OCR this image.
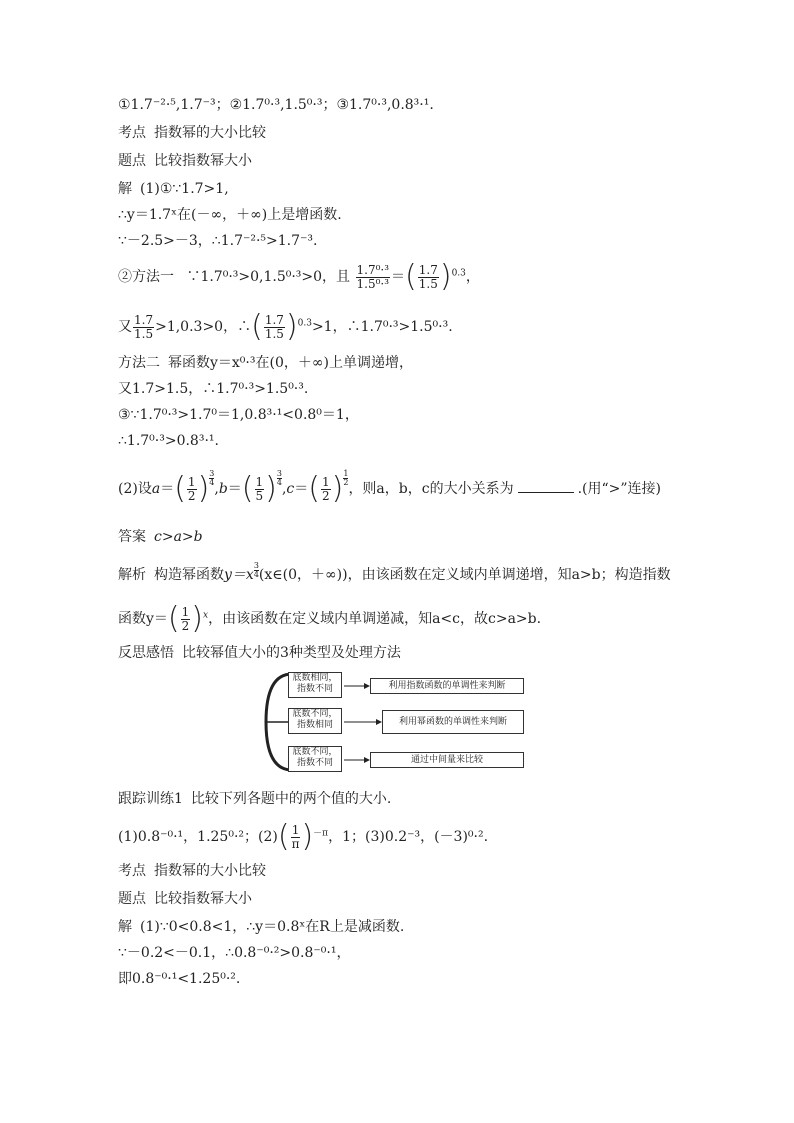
①1.7⁻²·⁵,1.7⁻³；②1.7⁰·³,1.5⁰·³；③1.7⁰·³,0.8³·¹.
考点 指数幂的大小比较
题点 比较指数幂大小
解 (1)①∵1.7>1,
∴y＝1.7ˣ在(－∞，＋∞)上是增函数.
∵－2.5>－3，∴1.7⁻²·⁵>1.7⁻³.
②方法一 ∵1.7⁰·³>0,1.5⁰·³>0，且 $\frac{\text{1.7⁰·³}}{\text{1.5⁰·³}}$ ＝( $\frac{1.7}{1.5} )^{0.3}$，
又 $\frac{1.7}{1.5} >1,0.3>0$，∴( $\frac{1.7}{1.5} )^{0.3}>1$，∴1.7⁰·³>1.5⁰·³.
方法二 幂函数y＝x⁰·³在(0，＋∞)上单调递增，
又1.7>1.5，∴1.7⁰·³>1.5⁰·³.
③∵1.7⁰·³>1.7⁰＝1,0.8³·¹<0.8⁰＝1，
∴1.7⁰·³>0.8³·¹.
(2)设$a=( \frac{1}{2}$ ) $\frac{3}{4},b=( \frac{1}{5}$ ) $\frac{3}{4},c=( \frac{1}{2}$ ) $\frac{1}{2}$，则a，b，c的大小关系为	.(用“>”连接)
答案 c>a>b
解析 构造幂函数$y=x \frac{3}{4}(x\in(0$，＋∞))，由该函数在定义域内单调递增，知a>b；构造指数
函数$y=( \frac{1}{2} )^x$，由该函数在定义域内单调递减，知a<c，故c>a>b.
反思感悟 比较幂值大小的3种类型及处理方法
底数相同，
指数不同	利用指数函数的单调性来判断
底数不同，
指数相同	利用幂函数的单调性来判断
底数不同，
指数不同	通过中间量来比较
跟踪训练1 比较下列各题中的两个值的大小.
(1)0.8⁻⁰·¹，1.25⁰·²；$(2)( \frac{1}{\pi} )^{-\pi}$，1；(3)0.2⁻³，(－3)⁰·².
考点 指数幂的大小比较
题点 比较指数幂大小
解 (1)∵0<0.8<1，∴y＝0.8ˣ在R上是减函数.
∵－0.2<－0.1，∴0.8⁻⁰·²>0.8⁻⁰·¹，
即0.8⁻⁰·¹<1.25⁰·².
